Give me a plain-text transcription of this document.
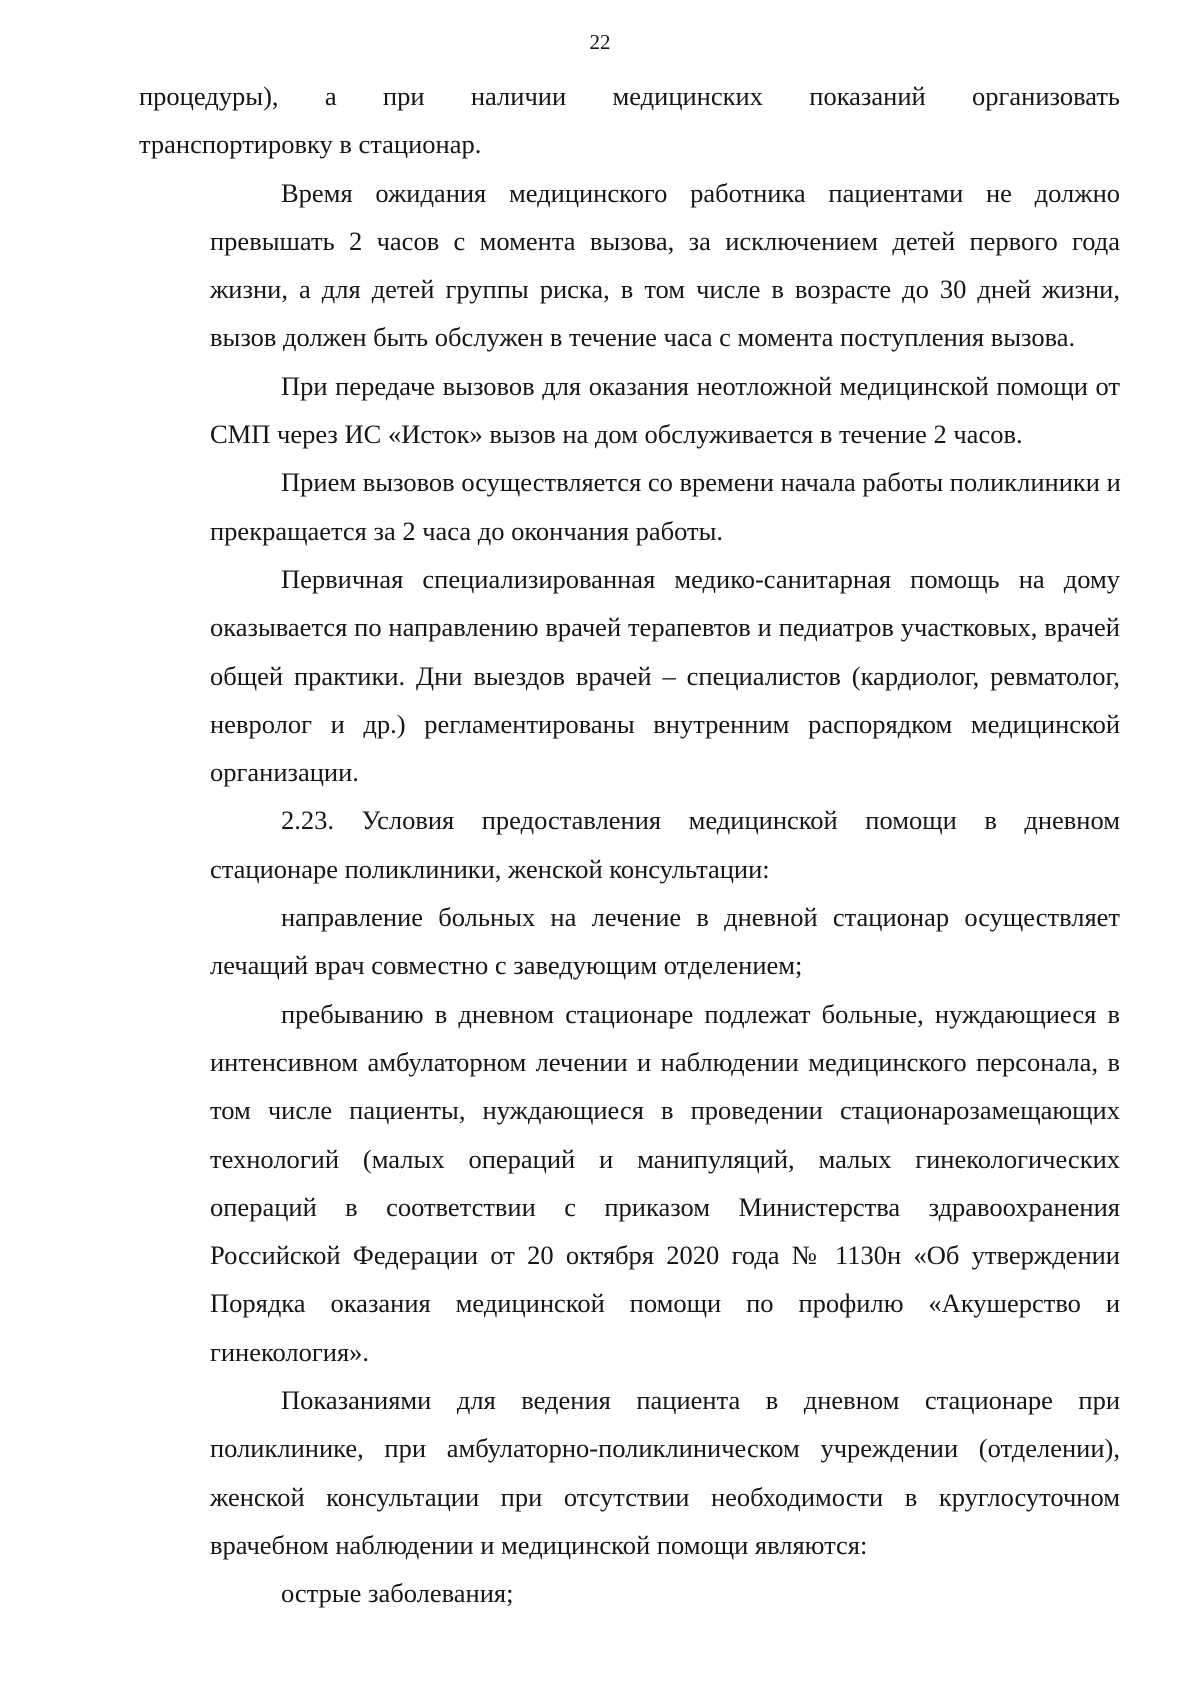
22
процедуры), а при наличии медицинских показаний организовать
транспортировку в стационар.
Время ожидания медицинского работника пациентами не должно
превышать 2 часов с момента вызова, за исключением детей первого года
жизни, а для детей группы риска, в том числе в возрасте до 30 дней жизни,
вызов должен быть обслужен в течение часа с момента поступления вызова.
При передаче вызовов для оказания неотложной медицинской помощи от
СМП через ИС «Исток» вызов на дом обслуживается в течение 2 часов.
Прием вызовов осуществляется со времени начала работы поликлиники и
прекращается за 2 часа до окончания работы.
Первичная специализированная медико-санитарная помощь на дому
оказывается по направлению врачей терапевтов и педиатров участковых, врачей
общей практики. Дни выездов врачей – специалистов (кардиолог, ревматолог,
невролог и др.) регламентированы внутренним распорядком медицинской
организации.
2.23. Условия предоставления медицинской помощи в дневном
стационаре поликлиники, женской консультации:
направление больных на лечение в дневной стационар осуществляет
лечащий врач совместно с заведующим отделением;
пребыванию в дневном стационаре подлежат больные, нуждающиеся в
интенсивном амбулаторном лечении и наблюдении медицинского персонала, в
том числе пациенты, нуждающиеся в проведении стационарозамещающих
технологий (малых операций и манипуляций, малых гинекологических
операций в соответствии с приказом Министерства здравоохранения
Российской Федерации от 20 октября 2020 года № 1130н «Об утверждении
Порядка оказания медицинской помощи по профилю «Акушерство и
гинекология».
Показаниями для ведения пациента в дневном стационаре при
поликлинике, при амбулаторно-поликлиническом учреждении (отделении),
женской консультации при отсутствии необходимости в круглосуточном
врачебном наблюдении и медицинской помощи являются:
острые заболевания;
